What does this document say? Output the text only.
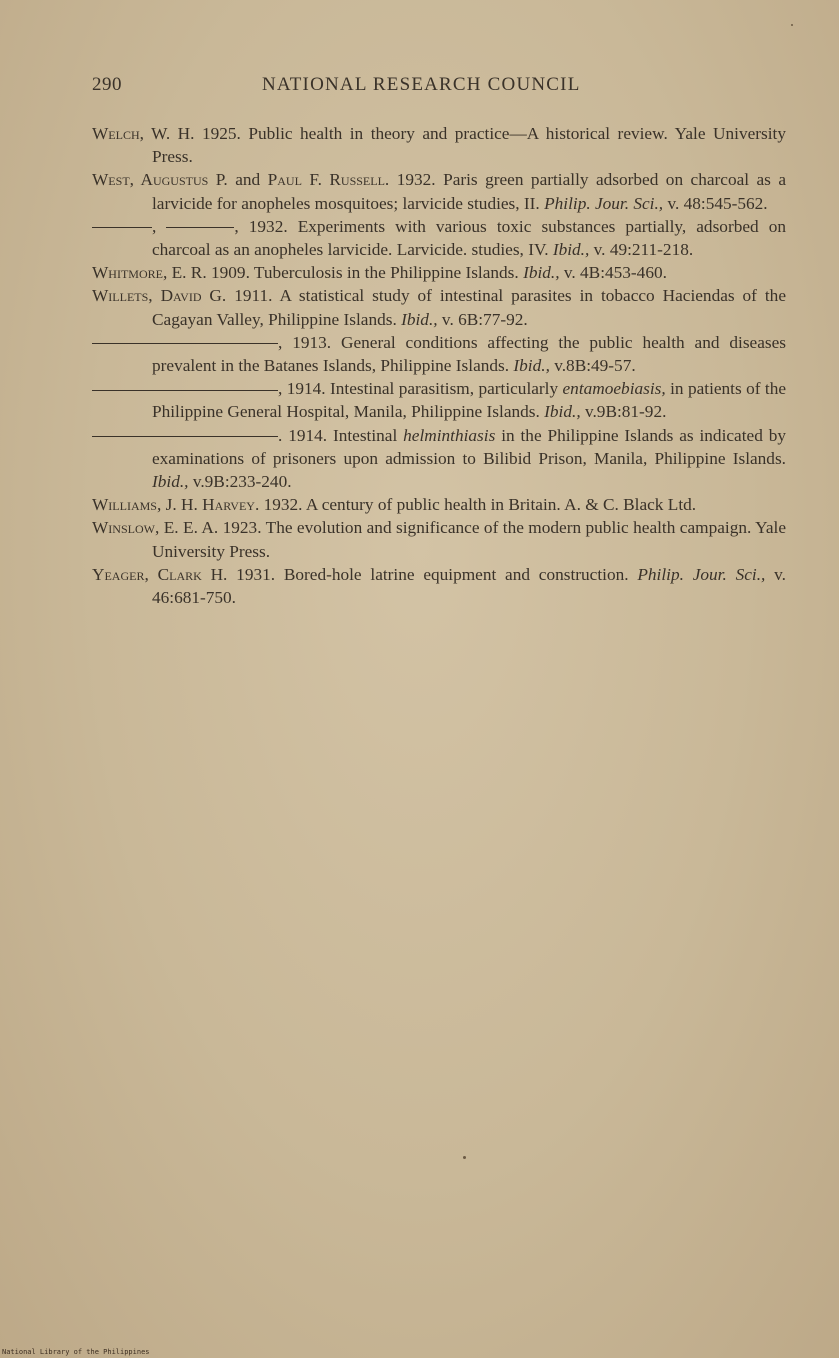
290	NATIONAL RESEARCH COUNCIL

Welch, W. H. 1925. Public health in theory and practice—A historical review. Yale University Press.

West, Augustus P. and Paul F. Russell. 1932. Paris green partially adsorbed on charcoal as a larvicide for anopheles mosquitoes; larvicide studies, II. Philip. Jour. Sci., v. 48:545-562.

,	, 1932. Experiments with various toxic substances partially, adsorbed on charcoal as an anopheles larvicide. Larvicide. studies, IV. Ibid., v. 49:211-218.

Whitmore, E. R. 1909. Tuberculosis in the Philippine Islands. Ibid., v. 4B:453-460.

Willets, David G. 1911. A statistical study of intestinal parasites in tobacco Haciendas of the Cagayan Valley, Philippine Islands. Ibid., v. 6B:77-92.

, 1913. General conditions affecting the public health and diseases prevalent in the Batanes Islands, Philippine Islands. Ibid., v.8B:49-57.

, 1914. Intestinal parasitism, particularly entamoebiasis, in patients of the Philippine General Hospital, Manila, Philippine Islands. Ibid., v.9B:81-92.

. 1914. Intestinal helminthiasis in the Philippine Islands as indicated by examinations of prisoners upon admission to Bilibid Prison, Manila, Philippine Islands. Ibid., v.9B:233-240.

Williams, J. H. Harvey. 1932. A century of public health in Britain. A. & C. Black Ltd.

Winslow, E. E. A. 1923. The evolution and significance of the modern public health campaign. Yale University Press.

Yeager, Clark H. 1931. Bored-hole latrine equipment and construction. Philip. Jour. Sci., v. 46:681-750.

National Library of the Philippines
